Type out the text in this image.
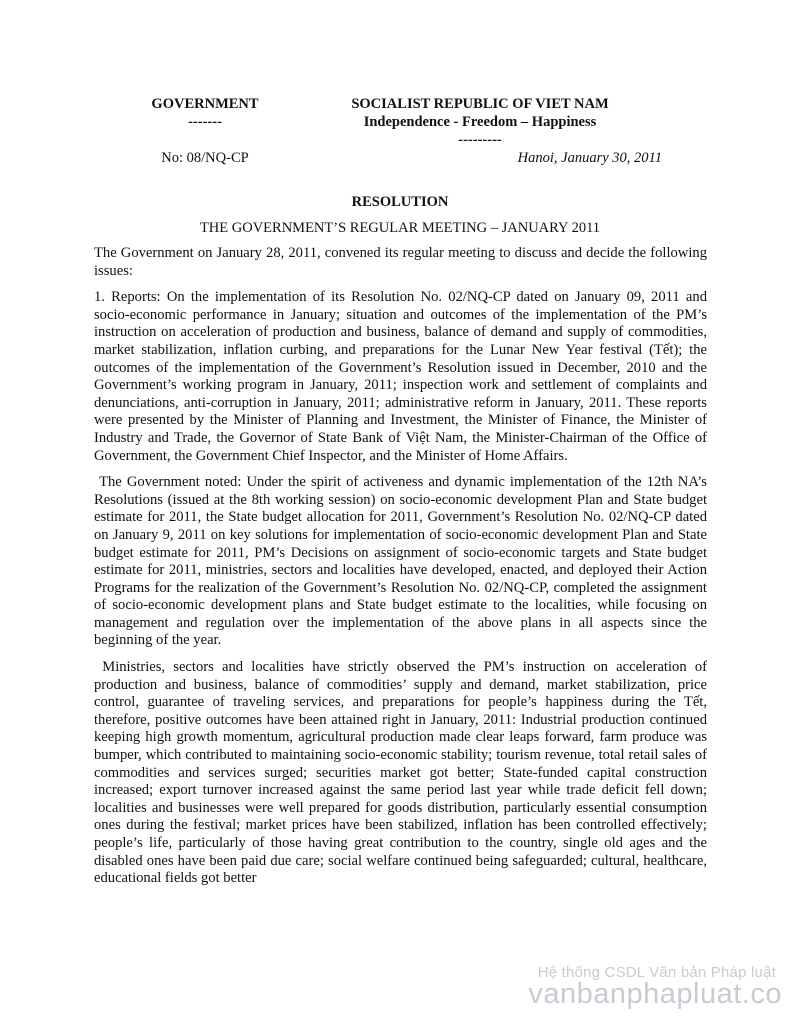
GOVERNMENT
-------
SOCIALIST REPUBLIC OF VIET NAM
Independence - Freedom – Happiness
---------
No: 08/NQ-CP	Hanoi, January 30, 2011
RESOLUTION
THE GOVERNMENT’S REGULAR MEETING – JANUARY 2011

The Government on January 28, 2011, convened its regular meeting to discuss and decide the following issues:

1. Reports: On the implementation of its Resolution No. 02/NQ-CP dated on January 09, 2011 and socio-economic performance in January; situation and outcomes of the implementation of the PM’s instruction on acceleration of production and business, balance of demand and supply of commodities, market stabilization, inflation curbing, and preparations for the Lunar New Year festival (Tết); the outcomes of the implementation of the Government’s Resolution issued in December, 2010 and the Government’s working program in January, 2011; inspection work and settlement of complaints and denunciations, anti-corruption in January, 2011; administrative reform in January, 2011. These reports were presented by the Minister of Planning and Investment, the Minister of Finance, the Minister of Industry and Trade, the Governor of State Bank of Việt Nam, the Minister-Chairman of the Office of Government, the Government Chief Inspector, and the Minister of Home Affairs.

The Government noted: Under the spirit of activeness and dynamic implementation of the 12th NA’s Resolutions (issued at the 8th working session) on socio-economic development Plan and State budget estimate for 2011, the State budget allocation for 2011, Government’s Resolution No. 02/NQ-CP dated on January 9, 2011 on key solutions for implementation of socio-economic development Plan and State budget estimate for 2011, PM’s Decisions on assignment of socio-economic targets and State budget estimate for 2011, ministries, sectors and localities have developed, enacted, and deployed their Action Programs for the realization of the Government’s Resolution No. 02/NQ-CP, completed the assignment of socio-economic development plans and State budget estimate to the localities, while focusing on management and regulation over the implementation of the above plans in all aspects since the beginning of the year.

Ministries, sectors and localities have strictly observed the PM’s instruction on acceleration of production and business, balance of commodities’ supply and demand, market stabilization, price control, guarantee of traveling services, and preparations for people’s happiness during the Tết, therefore, positive outcomes have been attained right in January, 2011: Industrial production continued keeping high growth momentum, agricultural production made clear leaps forward, farm produce was bumper, which contributed to maintaining socio-economic stability; tourism revenue, total retail sales of commodities and services surged; securities market got better; State-funded capital construction increased; export turnover increased against the same period last year while trade deficit fell down; localities and businesses were well prepared for goods distribution, particularly essential consumption ones during the festival; market prices have been stabilized, inflation has been controlled effectively; people’s life, particularly of those having great contribution to the country, single old ages and the disabled ones have been paid due care; social welfare continued being safeguarded; cultural, healthcare, educational fields got better

Hệ thống CSDL Văn bản Pháp luật
vanbanphapluat.co
